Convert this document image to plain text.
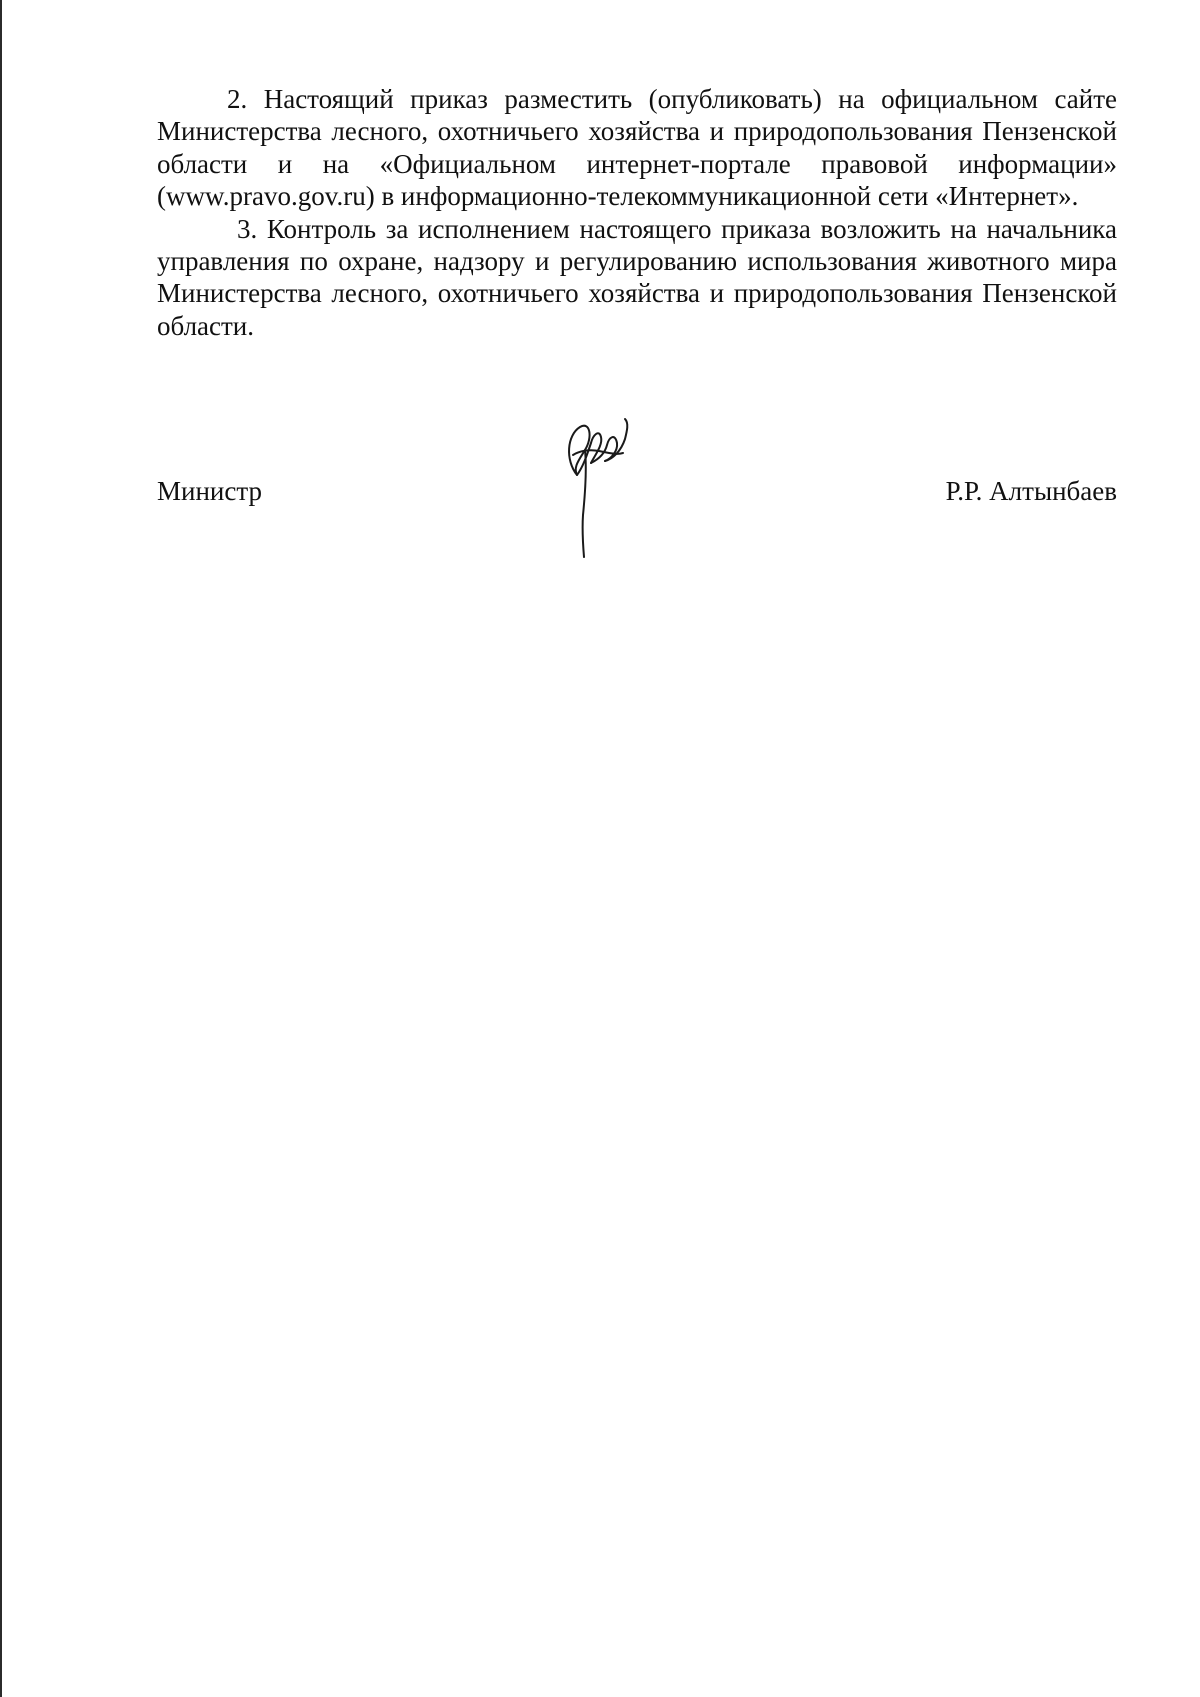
2. Настоящий приказ разместить (опубликовать) на официальном сайте Министерства лесного, охотничьего хозяйства и природопользования Пензенской области и на «Официальном интернет-портале правовой информации» (www.pravo.gov.ru) в информационно-телекоммуникационной сети «Интернет».

3. Контроль за исполнением настоящего приказа возложить на начальника управления по охране, надзору и регулированию использования животного мира Министерства лесного, охотничьего хозяйства и природопользования Пензенской области.

Министр	Р.Р. Алтынбаев
